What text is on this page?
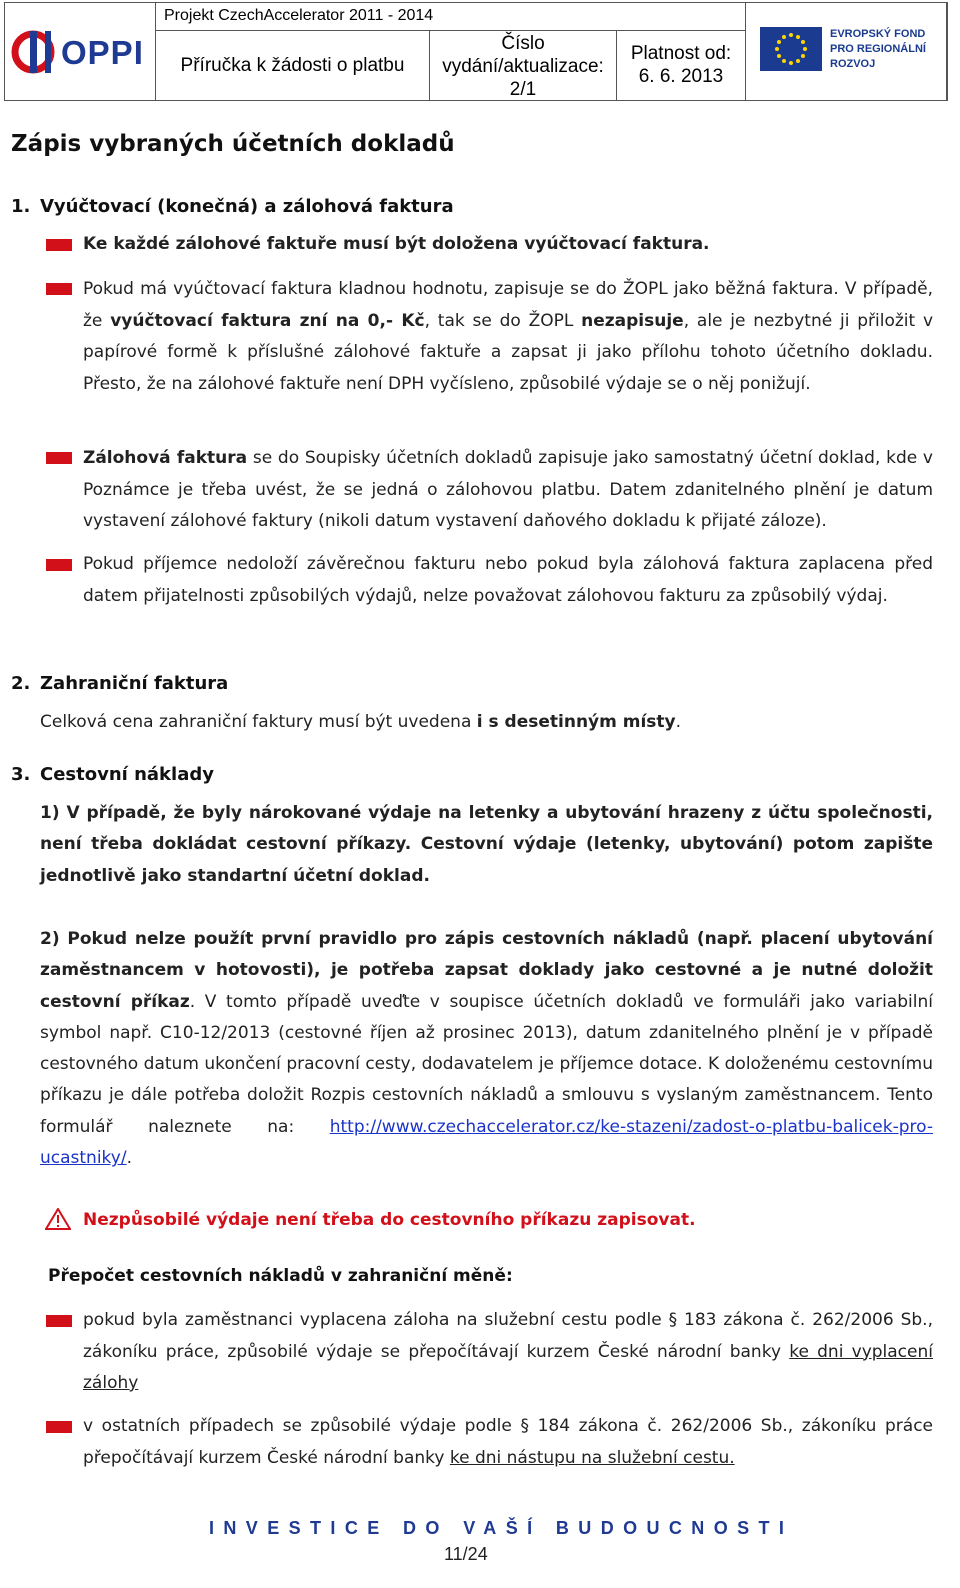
OPPI
Projekt CzechAccelerator 2011 - 2014
Příručka k žádosti o platbu
Číslo
vydání/aktualizace:
2/1
Platnost od:
6. 6. 2013
EVROPSKÝ FOND
PRO REGIONÁLNÍ
ROZVOJ
Zápis vybraných účetních dokladů
1. Vyúčtovací (konečná) a zálohová faktura
Ke každé zálohové faktuře musí být doložena vyúčtovací faktura.
Pokud má vyúčtovací faktura kladnou hodnotu, zapisuje se do ŽOPL jako běžná faktura. V případě, že vyúčtovací faktura zní na 0,- Kč, tak se do ŽOPL nezapisuje, ale je nezbytné ji přiložit v papírové formě k příslušné zálohové faktuře a zapsat ji jako přílohu tohoto účetního dokladu. Přesto, že na zálohové faktuře není DPH vyčísleno, způsobilé výdaje se o něj ponižují.
Zálohová faktura se do Soupisky účetních dokladů zapisuje jako samostatný účetní doklad, kde v Poznámce je třeba uvést, že se jedná o zálohovou platbu. Datem zdanitelného plnění je datum vystavení zálohové faktury (nikoli datum vystavení daňového dokladu k přijaté záloze).
Pokud příjemce nedoloží závěrečnou fakturu nebo pokud byla zálohová faktura zaplacena před datem přijatelnosti způsobilých výdajů, nelze považovat zálohovou fakturu za způsobilý výdaj.
2. Zahraniční faktura
Celková cena zahraniční faktury musí být uvedena i s desetinným místy.
3. Cestovní náklady
1) V případě, že byly nárokované výdaje na letenky a ubytování hrazeny z účtu společnosti, není třeba dokládat cestovní příkazy. Cestovní výdaje (letenky, ubytování) potom zapište jednotlivě jako standartní účetní doklad.
2) Pokud nelze použít první pravidlo pro zápis cestovních nákladů (např. placení ubytování zaměstnancem v hotovosti), je potřeba zapsat doklady jako cestovné a je nutné doložit cestovní příkaz. V tomto případě uveďte v soupisce účetních dokladů ve formuláři jako variabilní symbol např. C10-12/2013 (cestovné říjen až prosinec 2013), datum zdanitelného plnění je v případě cestovného datum ukončení pracovní cesty, dodavatelem je příjemce dotace. K doloženému cestovnímu příkazu je dále potřeba doložit Rozpis cestovních nákladů a smlouvu s vyslaným zaměstnancem. Tento formulář naleznete na: http://www.czechaccelerator.cz/ke-stazeni/zadost-o-platbu-balicek-pro-ucastniky/.
Nezpůsobilé výdaje není třeba do cestovního příkazu zapisovat.
Přepočet cestovních nákladů v zahraniční měně:
pokud byla zaměstnanci vyplacena záloha na služební cestu podle § 183 zákona č. 262/2006 Sb., zákoníku práce, způsobilé výdaje se přepočítávají kurzem České národní banky ke dni vyplacení zálohy
v ostatních případech se způsobilé výdaje podle § 184 zákona č. 262/2006 Sb., zákoníku práce přepočítávají kurzem České národní banky ke dni nástupu na služební cestu.
INVESTICE DO VAŠÍ BUDOUCNOSTI
11/24
